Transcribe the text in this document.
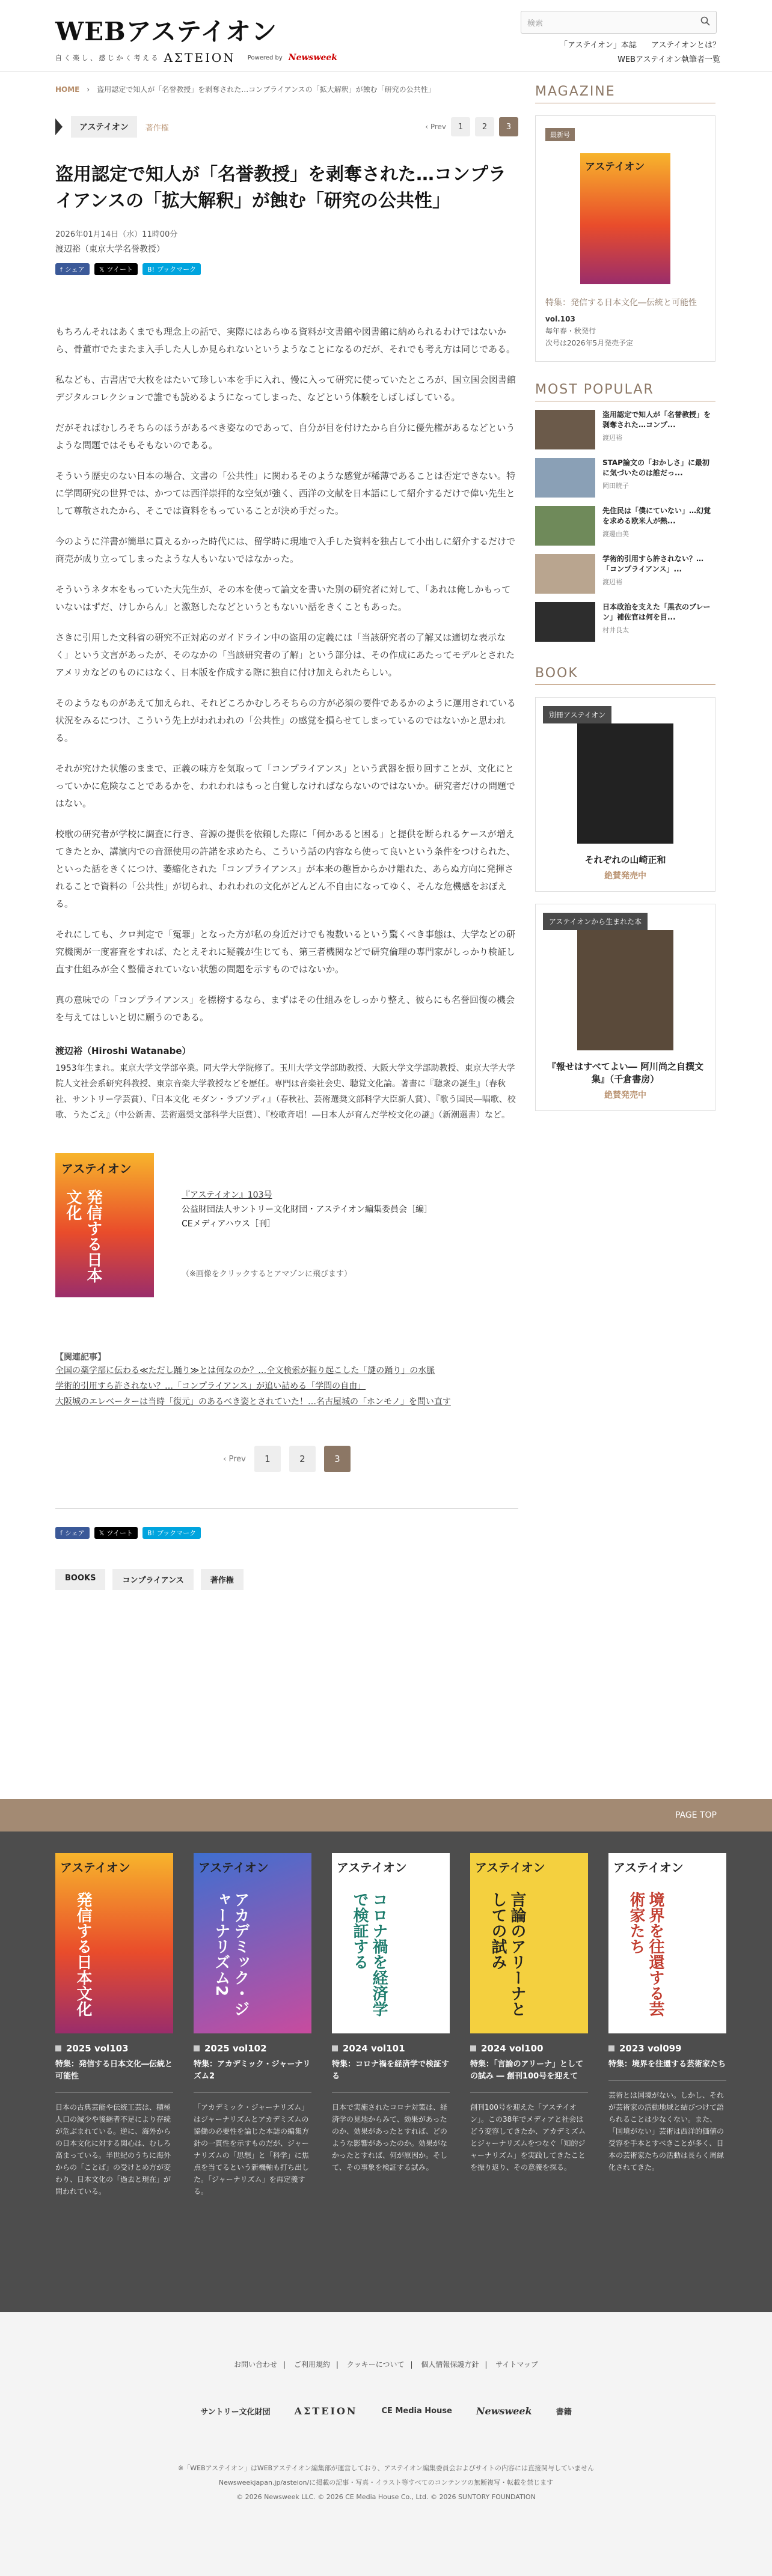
WEBアステイオン
自 く 楽 し 、 感 じ か く 考 え る ΑΣΤΕΙΟΝ Powered by Newsweek
検索
「アステイオン」本誌 アステイオンとは？
WEBアステイオン執筆者一覧
HOME › 盗用認定で知人が「名誉教授」を剥奪された…コンプライアンスの「拡大解釈」が蝕む「研究の公共性」
アステイオン	著作権	‹ Prev	1	2	3
盗用認定で知人が「名誉教授」を剥奪された…コンプライアンスの「拡大解釈」が蝕む「研究の公共性」
2026年01月14日（水）11時00分
渡辺裕（東京大学名誉教授）
f シェア 𝕏 ツイート B! ブックマーク

もちろんそれはあくまでも理念上の話で、実際にはあらゆる資料が文書館や図書館に納められるわけではないから、骨董市でたまたま入手した人しか見られないというようなことになるのだが、それでも考え方は同じである。

私なども、古書店で大枚をはたいて珍しい本を手に入れ、慢に入って研究に使っていたところが、国立国会図書館デジタルコレクションで誰でも読めるようになってしまった、などという体験をしばしばしている。

だがそればむしろそちらのほうがあるべき姿なのであって、自分が目を付けたから自分に優先権があるなどというような問題ではそもそもないのである。

そういう歴史のない日本の場合、文書の「公共性」に関わるそのような感覚が稀薄であることは否定できない。特に学問研究の世界では、かつては西洋崇拝的な空気が強く、西洋の文献を日本語にして紹介するだけで偉い先生として尊敬されたから、そこでは資料をもっていることが決め手だった。

今のように洋書が簡単に買えるかった時代には、留学時に現地で入手した資料を独占して小出しに紹介するだけで商売が成り立ってしまったような人もいないではなかった。

そういうネタ本をもっていた大先生が、その本を使って論文を書いた別の研究者に対して、「あれは俺しかもっていないはずだ、けしからん」と激怒したなどというともないい話をきくこともあった。

さきに引用した文科省の研究不正対応のガイドライン中の盗用の定義には「当該研究者の了解又は適切な表示なく」という文言があったが、そのなかの「当該研究者の了解」という部分は、その作成にあたってモデルとされたアメリカなどのものにはなく、日本版を作成する際に独自に付け加えられたらしい。

そのようなものがあえて加えられ、それどころかむしろそちらの方が必須の要件であるかのように運用されている状況をみるにつけ、こういう先上がわれわれの「公共性」の感覚を損らせてしまっているのではないかと思われる。

それが究けた状態のままで、正義の味方を気取って「コンプライアンス」という武器を振り回すことが、文化にとっていかに危険なことであるかを、われわれはもっと自覚しなければならないのではないか。研究者だけの問題ではない。

校歌の研究者が学校に調査に行き、音源の提供を依頼した際に「何かあると困る」と提供を断られるケースが増えてきたとか、講演内での音源使用の許諾を求めたら、こういう話の内容なら使って良いという条件をつけられた、といった話をきくにつけ、萎縮化された「コンプライアンス」が本来の趣旨からかけ離れた、あらぬ方向に発揮されることで資料の「公共性」が切られ、われわれの文化がどんどん不自由になってゆく、そんな危機感をおぼえる。

それにしても、クロ判定で「冤罪」となった方が私の身近だけでも複数いるという驚くべき事態は、大学などの研究機関が一度審査をすれば、たとえそれに疑義が生じても、第三者機関などで研究倫理の専門家がしっかり検証し直す仕組みが全く整備されていない状態の問題を示すものではないか。

真の意味での「コンプライアンス」を標榜するなら、まずはその仕組みをしっかり整え、彼らにも名誉回復の機会を与えてはしいと切に願うのである。

渡辺裕（Hiroshi Watanabe）
1953年生まれ。東京大学文学部卒業。同大学大学院修了。玉川大学文学部助教授、大阪大学文学部助教授、東京大学大学院人文社会系研究科教授、東京音楽大学教授などを歴任。専門は音楽社会史、聴覚文化論。著書に『聴衆の誕生』（春秋社、サントリー学芸賞）、『日本文化 モダン・ラプソディ』（春秋社、芸術選奨文部科学大臣新人賞）、『歌う国民―唱歌、校歌、うたごえ』（中公新書、芸術選奨文部科学大臣賞）、『校歌斉唱！―日本人が育んだ学校文化の謎』（新潮選書）など。
アステイオン
発信する日本文化	『アステイオン』103号
公益財団法人サントリー文化財団・アステイオン編集委員会［編］
CEメディアハウス［刊］
（※画像をクリックするとアマゾンに飛びます）
【関連記事】
全国の薬学部に伝わる≪ただし踊り≫とは何なのか？…全文検索が掘り起こした「謎の踊り」の水脈
学術的引用すら許されない？…「コンプライアンス」が追い詰める「学問の自由」
大阪城のエレベーターは当時「復元」のあるべき姿とされていた！…名古屋城の「ホンモノ」を問い直す
‹ Prev	1	2	3
f シェア 𝕏 ツイート B! ブックマーク
BOOKS	コンプライアンス	著作権
MAGAZINE
最新号
アステイオン
特集：発信する日本文化―伝統と可能性
vol.103
毎年春・秋発行
次号は2026年5月発売予定
MOST POPULAR
盗用認定で知人が「名誉教授」を剥奪された…コンプ...
渡辺裕
STAP論文の「おかしさ」に最初に気づいたのは誰だっ...
岡田暁子
先住民は「僕にていない」…幻覚を求める欧米人が熱...
渡邊由美
学術的引用すら許されない？…「コンプライアンス」...
渡辺裕
日本政治を支えた「黒衣のブレーン」補佐官は何を目...
村井良太
BOOK
別冊アステイオン
それぞれの山崎正和
絶賛発売中
アステイオンから生まれた本
『報せはすべてよい― 阿川尚之自撰文集』（千倉書房）
絶賛発売中
PAGE TOP
アステイオン
発信する日本文化
2025 vol103
特集：発信する日本文化―伝統と可能性
日本の古典芸能や伝統工芸は、積極人口の減少や後継者不足により存続が危ぶまれている。逆に、海外からの日本文化に対する関心は、むしろ高まっている。半世紀のうちに海外からの「ことば」の受けとめ方が変わり、日本文化の「過去と現在」が問われている。
アステイオン
アカデミック・ジャーナリズム2
2025 vol102
特集：アカデミック・ジャーナリズム2
「アカデミック・ジャーナリズム」はジャーナリズムとアカデミズムの協働の必要性を論じた本誌の編集方針の一貫性を示すものだが、ジャーナリズムの「思想」と「科学」に焦点を当てるという新機軸も打ち出した。「ジャーナリズム」を再定義する。
アステイオン
コロナ禍を経済学で検証する
2024 vol101
特集：コロナ禍を経済学で検証する
日本で実施されたコロナ対策は、経済学の見地からみて、効果があったのか、効果があったとすれば、どのような影響があったのか。効果がなかったとすれば、何が原因か。そして、その事象を検証する試み。
アステイオン
言論のアリーナとしての試み
2024 vol100
特集：「言論のアリーナ」としての試み ― 創刊100号を迎えて
創刊100号を迎えた「アステイオン」。この38年でメディアと社会はどう変容してきたか、アカデミズムとジャーナリズムをつなぐ「知的ジャーナリズム」を実践してきたことを振り返り、その意義を探る。
アステイオン
境界を往還する芸術家たち
2023 vol099
特集：境界を往還する芸術家たち
芸術とは国境がない。しかし、それが芸術家の活動地域と結びつけて語られることは少なくない。また、「国境がない」芸術は西洋的価値の受容を手本とすべきことが多く、日本の芸術家たちの活動は長らく周縁化されてきた。
お問い合わせ | ご利用規約 | クッキーについて | 個人情報保護方針 | サイトマップ
サントリー文化財団	ΑΣΤΕΙΟΝ	CE Media House	Newsweek	書籍
※「WEBアステイオン」はWEBアステイオン編集部が運営しており、アステイオン編集委員会およびサイトの内容には直接関与していません
Newsweekjapan.jp/asteion/に掲載の記事・写真・イラスト等すべてのコンテンツの無断複写・転載を禁じます
© 2026 Newsweek LLC. © 2026 CE Media House Co., Ltd. © 2026 SUNTORY FOUNDATION
